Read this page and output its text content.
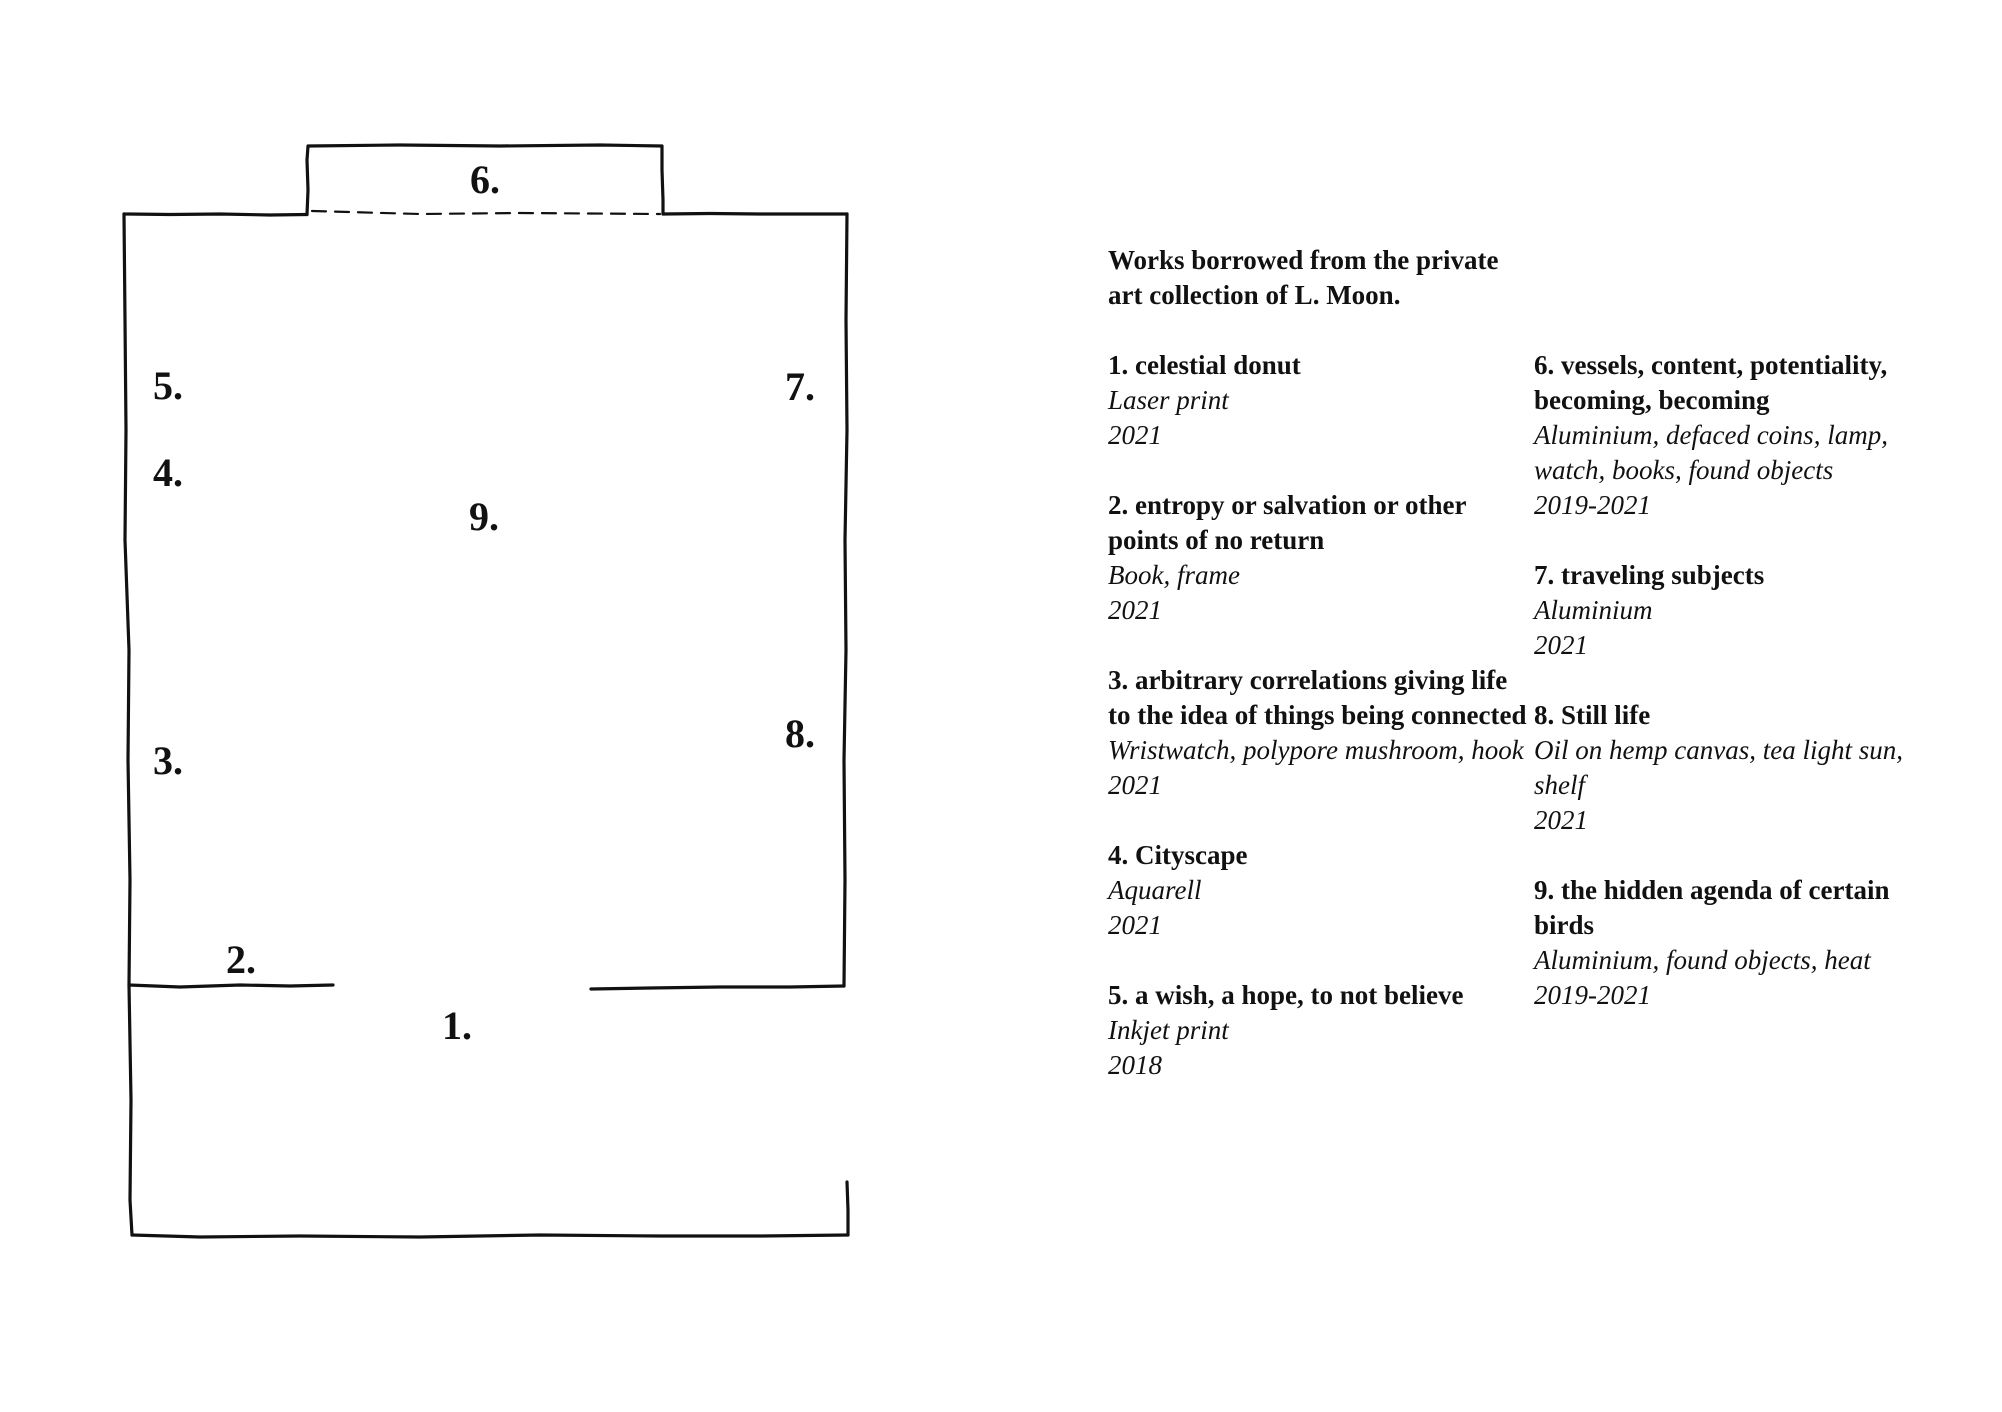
6.
5.	7.
4.
9.
8.
3.
2.
1.
Works borrowed from the private art collection of L. Moon.
1. celestial donut
Laser print
2021
2. entropy or salvation or other points of no return
Book, frame
2021
3. arbitrary correlations giving life to the idea of things being connected
Wristwatch, polypore mushroom, hook
2021
4. Cityscape
Aquarell
2021
5. a wish, a hope, to not believe
Inkjet print
2018
6. vessels, content, potentiality, becoming, becoming
Aluminium, defaced coins, lamp, watch, books, found objects
2019-2021
7. traveling subjects
Aluminium
2021
8. Still life
Oil on hemp canvas, tea light sun, shelf
2021
9. the hidden agenda of certain birds
Aluminium, found objects, heat
2019-2021
